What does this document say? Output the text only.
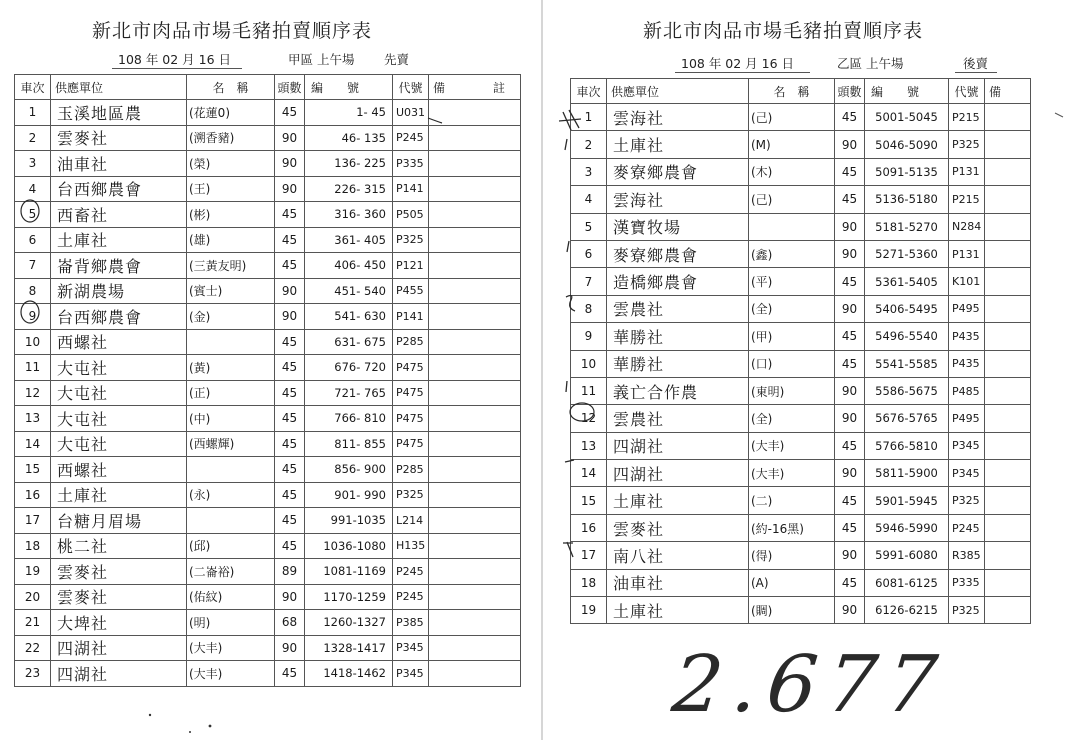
新北市肉品市場毛豬拍賣順序表
108 年 02 月 16 日	甲區 上午場 先賣
車次	供應單位	名　稱	頭數	編　　號	代號	備　　　　註
1	玉溪地區農	(花蓮0)	45	1- 45	U031	
2	雲麥社	(溯香豬)	90	46- 135	P245	
3	油車社	(榮)	90	136- 225	P335	
4	台西鄉農會	(王)	90	226- 315	P141	
5	西畜社	(彬)	45	316- 360	P505	
6	土庫社	(雄)	45	361- 405	P325	
7	崙背鄉農會	(三黃友明)	45	406- 450	P121	
8	新湖農場	(賓士)	90	451- 540	P455	
9	台西鄉農會	(金)	90	541- 630	P141	
10	西螺社		45	631- 675	P285	
11	大屯社	(黃)	45	676- 720	P475	
12	大屯社	(正)	45	721- 765	P475	
13	大屯社	(中)	45	766- 810	P475	
14	大屯社	(西螺輝)	45	811- 855	P475	
15	西螺社		45	856- 900	P285	
16	土庫社	(永)	45	901- 990	P325	
17	台糖月眉場		45	991-1035	L214	
18	桃二社	(邱)	45	1036-1080	H135	
19	雲麥社	(二崙裕)	89	1081-1169	P245	
20	雲麥社	(佑紋)	90	1170-1259	P245	
21	大埤社	(明)	68	1260-1327	P385	
22	四湖社	(大丰)	90	1328-1417	P345	
23	四湖社	(大丰)	45	1418-1462	P345	
新北市肉品市場毛豬拍賣順序表
108 年 02 月 16 日	乙區 上午場	後賣
車次	供應單位	名　稱	頭數	編　　號	代號	備
1	雲海社	(己)	45	5001-5045	P215	
2	土庫社	(M)	90	5046-5090	P325	
3	麥寮鄉農會	(木)	45	5091-5135	P131	
4	雲海社	(己)	45	5136-5180	P215	
5	漢寶牧場		90	5181-5270	N284	
6	麥寮鄉農會	(鑫)	90	5271-5360	P131	
7	造橋鄉農會	(平)	45	5361-5405	K101	
8	雲農社	(全)	90	5406-5495	P495	
9	華勝社	(甲)	45	5496-5540	P435	
10	華勝社	(口)	45	5541-5585	P435	
11	義亡合作農	(東明)	90	5586-5675	P485	
12	雲農社	(全)	90	5676-5765	P495	
13	四湖社	(大丰)	45	5766-5810	P345	
14	四湖社	(大丰)	90	5811-5900	P345	
15	土庫社	(二)	45	5901-5945	P325	
16	雲麥社	(約-16黑)	45	5946-5990	P245	
17	南八社	(得)	90	5991-6080	R385	
18	油車社	(A)	45	6081-6125	P335	
19	土庫社	(賙)	90	6126-6215	P325	
2.677
